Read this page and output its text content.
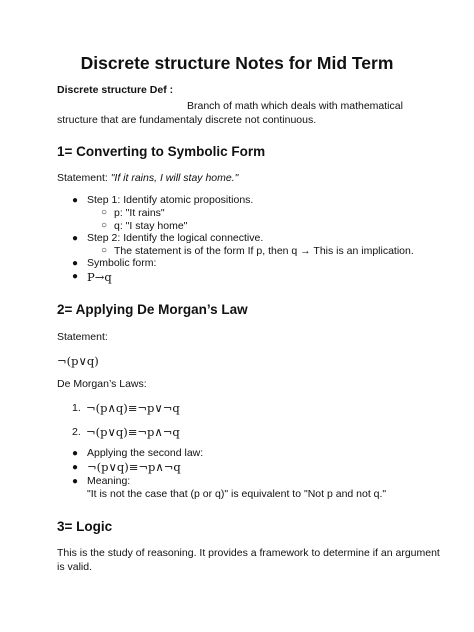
Discrete structure Notes for Mid Term
Discrete structure Def :
Branch of math which deals with mathematical
structure that are fundamentaly discrete not continuous.
1= Converting to Symbolic Form
Statement: "If it rains, I will stay home."
● Step 1: Identify atomic propositions.
○ p: "It rains"
○ q: "I stay home"
● Step 2: Identify the logical connective.
○ The statement is of the form If p, then q → This is an implication.
● Symbolic form:
● P→q
2= Applying De Morgan’s Law
Statement:
¬(p∨q)
De Morgan’s Laws:
1. ¬(p∧q)≡¬p∨¬q
2. ¬(p∨q)≡¬p∧¬q
● Applying the second law:
● ¬(p∨q)≡¬p∧¬q
● Meaning:
"It is not the case that (p or q)" is equivalent to "Not p and not q."
3= Logic
This is the study of reasoning. It provides a framework to determine if an argument
is valid.
